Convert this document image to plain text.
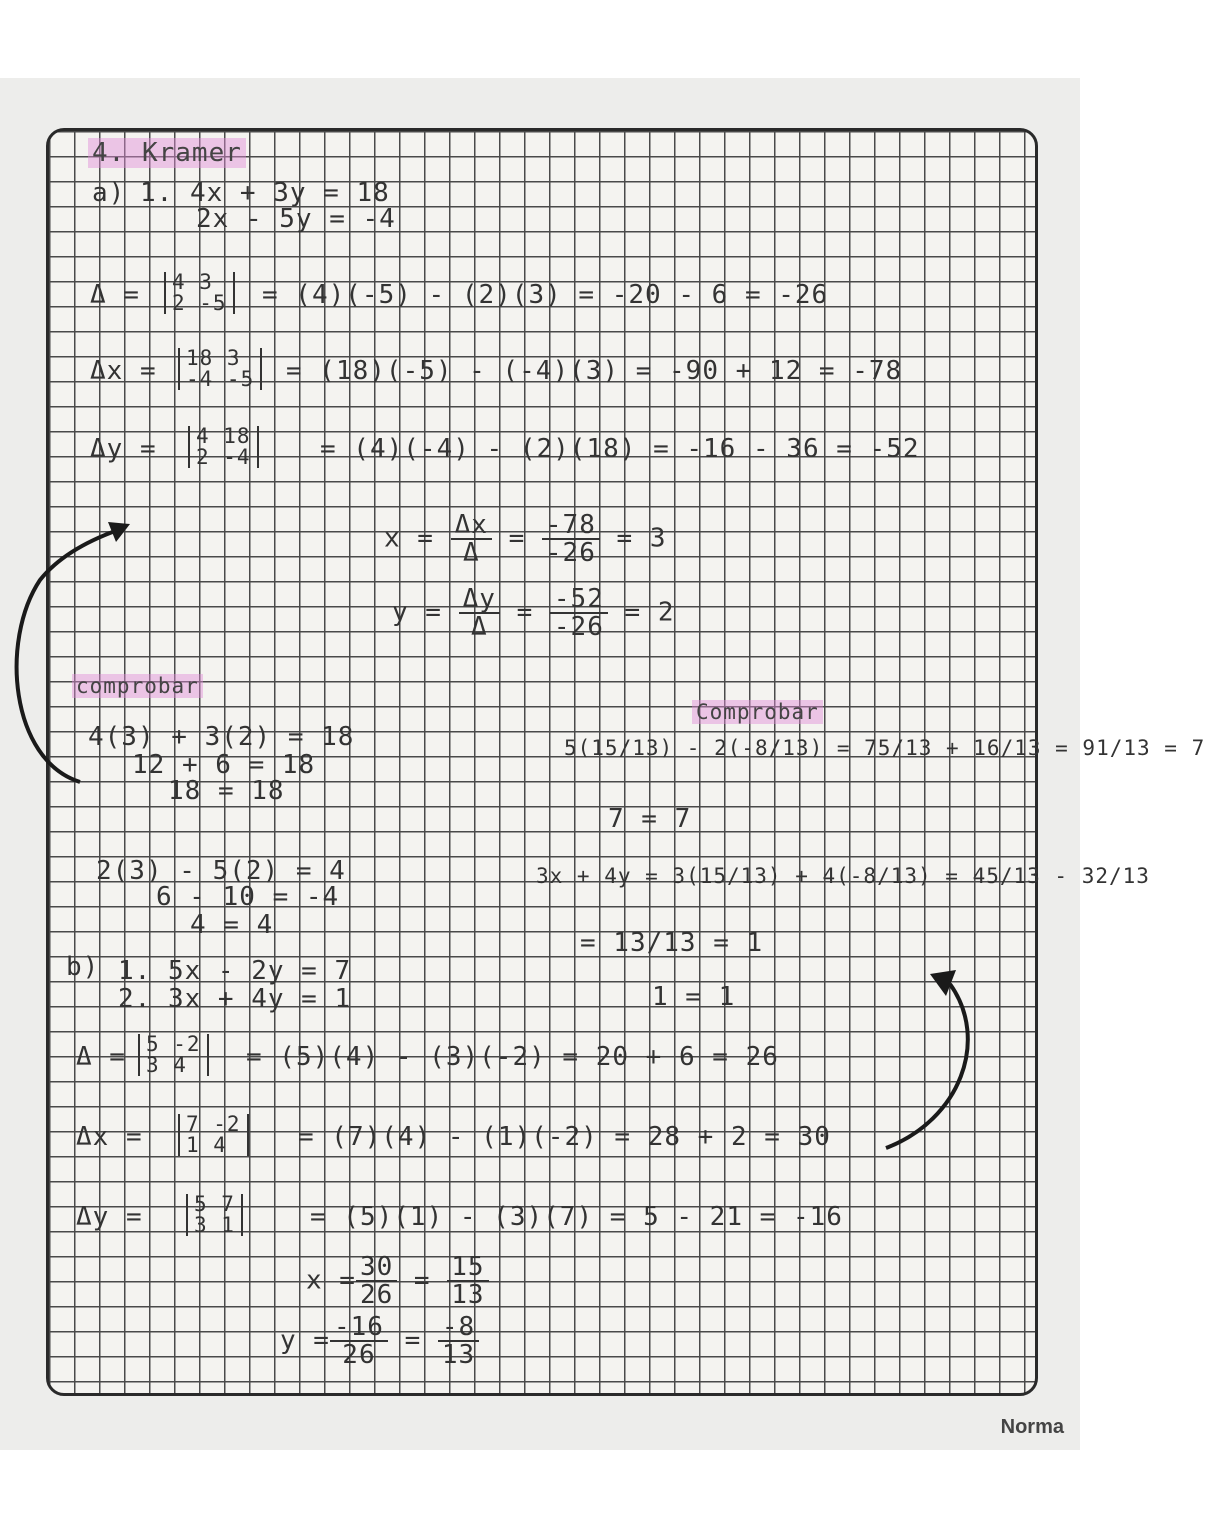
4. Kramer
a) 1. 4x + 3y = 18
2x - 5y = -4
Δ =	4 3
2 -5	= (4)(-5) - (2)(3) = -20 - 6 = -26
Δx =	18 3
-4 -5	= (18)(-5) - (-4)(3) = -90 + 12 = -78
Δy =	4 18
2 -4	= (4)(-4) - (2)(18) = -16 - 36 = -52
$x = \frac{\Delta x}{\Delta} = \frac{-78}{-26} = 3$
$y = \frac{\Delta y}{\Delta} = \frac{-52}{-26} = 2$
comprobar
4(3) + 3(2) = 18
12 + 6 = 18
18 = 18
2(3) - 5(2) = 4
6 - 10 = -4
4 = 4
Comprobar
5(15/13) - 2(-8/13) = 75/13 + 16/13 = 91/13 = 7
7 = 7
3x + 4y = 3(15/13) + 4(-8/13) = 45/13 - 32/13
= 13/13 = 1
1 = 1
b) 1. 5x - 2y = 7
2. 3x + 4y = 1
Δ = 5 -2
3 4	= (5)(4) - (3)(-2) = 20 + 6 = 26
Δx =	7 -2
1 4	= (7)(4) - (1)(-2) = 28 + 2 = 30
Δy =	5 7
3 1	= (5)(1) - (3)(7) = 5 - 21 = -16
$x = \frac{30}{26} = \frac{15}{13}$
$y = \frac{-16}{26} = \frac{-8}{13}$
Norma
